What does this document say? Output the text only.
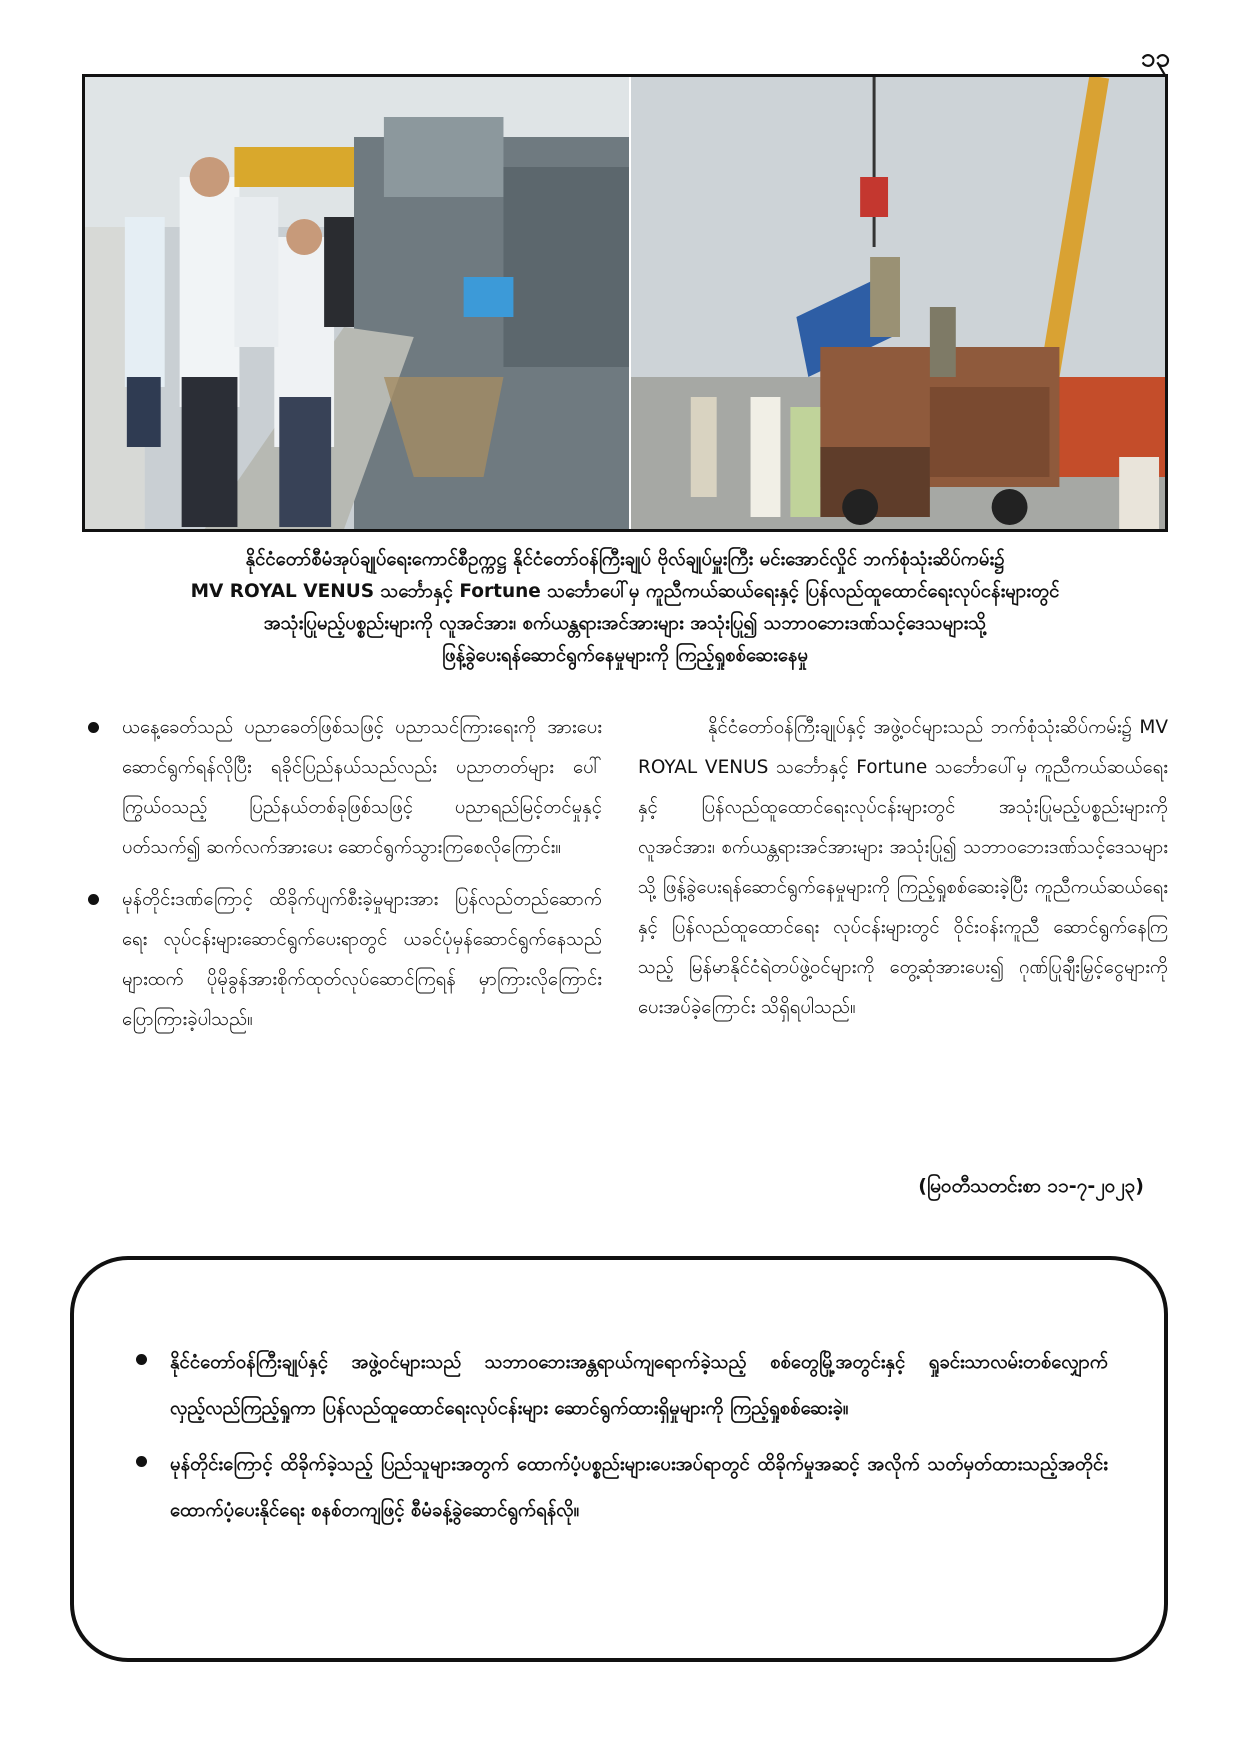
၁၃
နိုင်ငံတော်စီမံအုပ်ချုပ်ရေးကောင်စီဥက္ကဋ္ဌ နိုင်ငံတော်ဝန်ကြီးချုပ် ဗိုလ်ချုပ်မှူးကြီး မင်းအောင်လှိုင် ဘက်စုံသုံးဆိပ်ကမ်း၌
MV ROYAL VENUS သင်္ဘောနှင့် Fortune သင်္ဘောပေါ်မှ ကူညီကယ်ဆယ်ရေးနှင့် ပြန်လည်ထူထောင်ရေးလုပ်ငန်းများတွင်
အသုံးပြုမည့်ပစ္စည်းများကို လူအင်အား၊ စက်ယန္တရားအင်အားများ အသုံးပြု၍ သဘာဝဘေးဒဏ်သင့်ဒေသများသို့
ဖြန့်ခွဲပေးရန်ဆောင်ရွက်နေမှုများကို ကြည့်ရှုစစ်ဆေးနေမှု
ယနေ့ခေတ်သည် ပညာခေတ်ဖြစ်သဖြင့် ပညာသင်ကြားရေးကို အားပေးဆောင်ရွက်ရန်လိုပြီး ရခိုင်ပြည်နယ်သည်လည်း ပညာတတ်များ ပေါ်ကြွယ်ဝသည့် ပြည်နယ်တစ်ခုဖြစ်သဖြင့် ပညာရည်မြင့်တင်မှုနှင့်ပတ်သက်၍ ဆက်လက်အားပေး ဆောင်ရွက်သွားကြစေလိုကြောင်း။
မုန်တိုင်းဒဏ်ကြောင့် ထိခိုက်ပျက်စီးခဲ့မှုများအား ပြန်လည်တည်ဆောက်ရေး လုပ်ငန်းများဆောင်ရွက်ပေးရာတွင် ယခင်ပုံမှန်ဆောင်ရွက်နေသည်များထက် ပိုမိုခွန်အားစိုက်ထုတ်လုပ်ဆောင်ကြရန် မှာကြားလိုကြောင်း ပြောကြားခဲ့ပါသည်။

နိုင်ငံတော်ဝန်ကြီးချုပ်နှင့် အဖွဲ့ဝင်များသည် ဘက်စုံသုံးဆိပ်ကမ်း၌ MV ROYAL VENUS သင်္ဘောနှင့် Fortune သင်္ဘောပေါ်မှ ကူညီကယ်ဆယ်ရေးနှင့် ပြန်လည်ထူထောင်ရေးလုပ်ငန်းများတွင် အသုံးပြုမည့်ပစ္စည်းများကို လူအင်အား၊ စက်ယန္တရားအင်အားများ အသုံးပြု၍ သဘာဝဘေးဒဏ်သင့်ဒေသများသို့ ဖြန့်ခွဲပေးရန်ဆောင်ရွက်နေမှုများကို ကြည့်ရှုစစ်ဆေးခဲ့ပြီး ကူညီကယ်ဆယ်ရေးနှင့် ပြန်လည်ထူထောင်ရေး လုပ်ငန်းများတွင် ဝိုင်းဝန်းကူညီ ဆောင်ရွက်နေကြသည့် မြန်မာနိုင်ငံရဲတပ်ဖွဲ့ဝင်များကို တွေ့ဆုံအားပေး၍ ဂုဏ်ပြုချီးမြှင့်ငွေများကို ပေးအပ်ခဲ့ကြောင်း သိရှိရပါသည်။

(မြဝတီသတင်းစာ ၁၁-၇-၂၀၂၃)
နိုင်ငံတော်ဝန်ကြီးချုပ်နှင့် အဖွဲ့ဝင်များသည် သဘာဝဘေးအန္တရာယ်ကျရောက်ခဲ့သည့် စစ်တွေမြို့အတွင်းနှင့် ရှုခင်းသာလမ်းတစ်လျှောက် လှည့်လည်ကြည့်ရှုကာ ပြန်လည်ထူထောင်ရေးလုပ်ငန်းများ ဆောင်ရွက်ထားရှိမှုများကို ကြည့်ရှုစစ်ဆေးခဲ့။
မုန်တိုင်းကြောင့် ထိခိုက်ခဲ့သည့် ပြည်သူများအတွက် ထောက်ပံ့ပစ္စည်းများပေးအပ်ရာတွင် ထိခိုက်မှုအဆင့် အလိုက် သတ်မှတ်ထားသည့်အတိုင်း ထောက်ပံ့ပေးနိုင်ရေး စနစ်တကျဖြင့် စီမံခန့်ခွဲဆောင်ရွက်ရန်လို။
